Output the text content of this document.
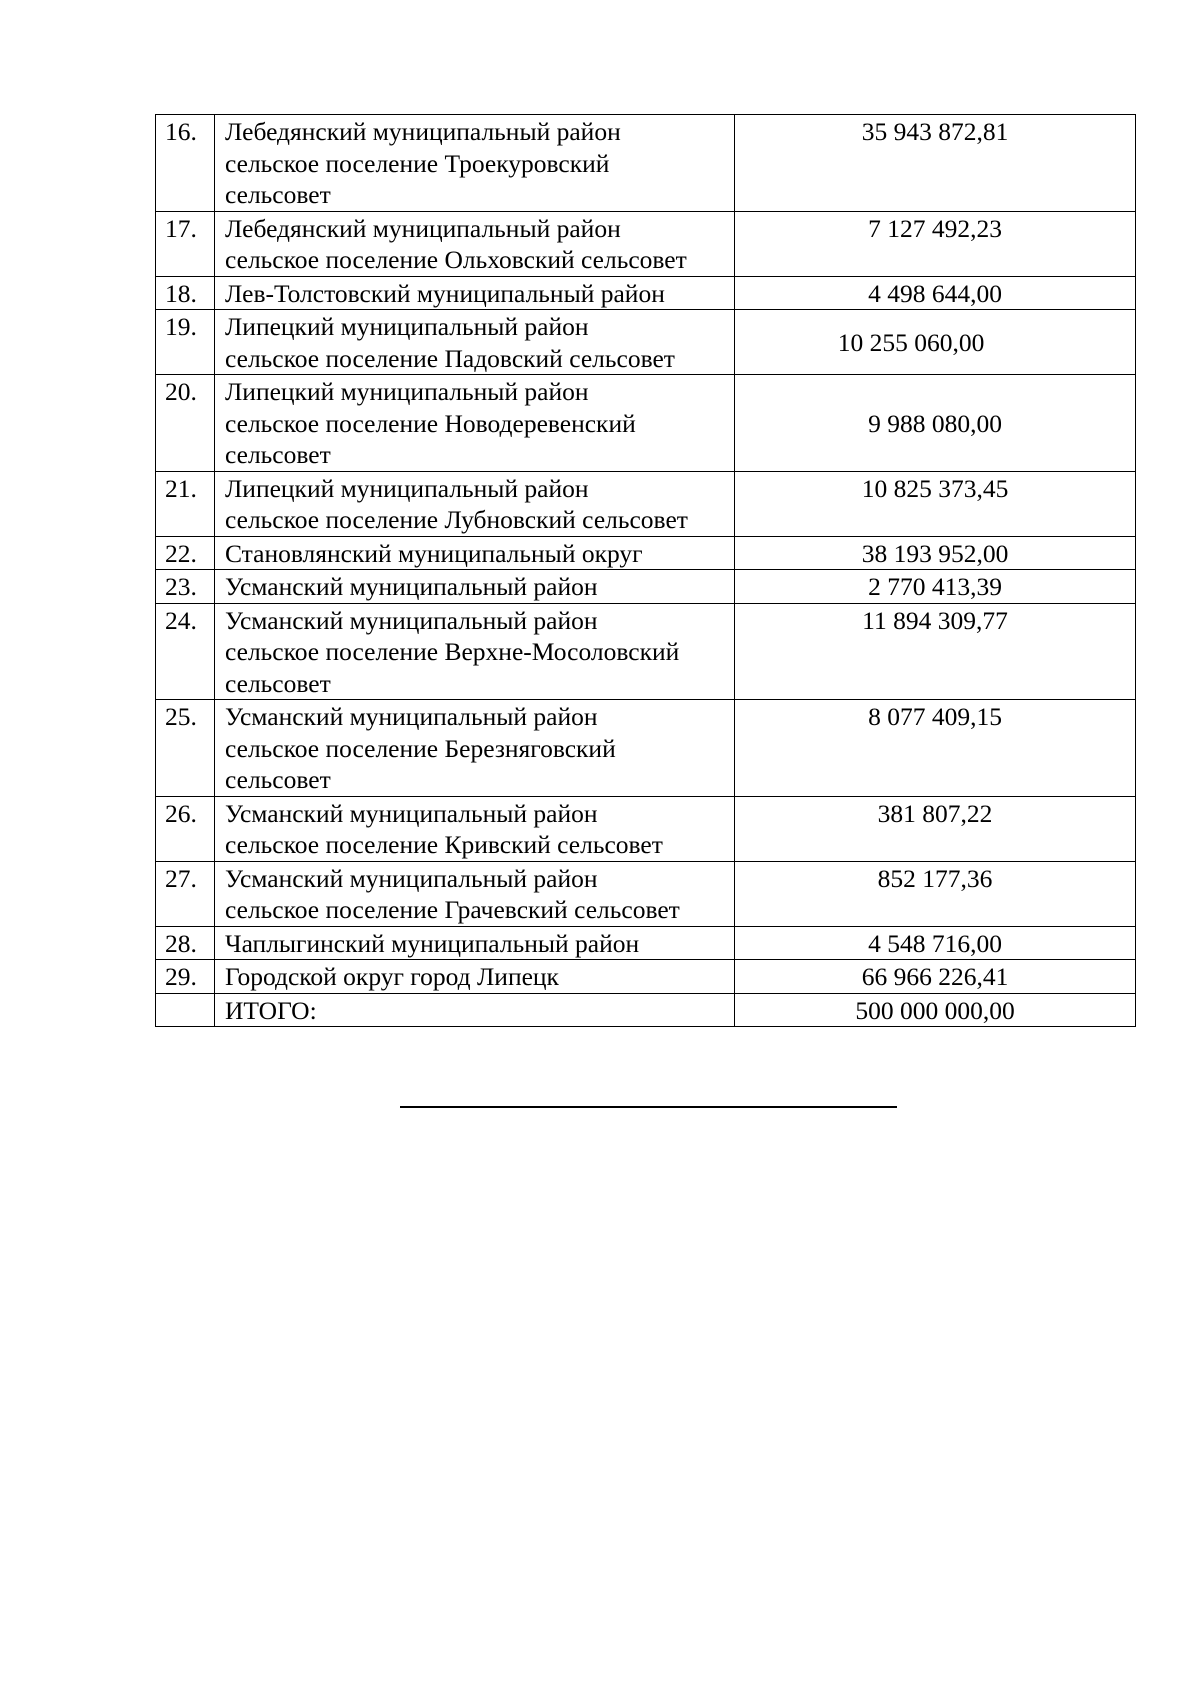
16.	Лебедянский муниципальный район
сельское поселение Троекуровский
сельсовет	35 943 872,81
17.	Лебедянский муниципальный район
сельское поселение Ольховский сельсовет	7 127 492,23
18.	Лев-Толстовский муниципальный район	4 498 644,00
19.	Липецкий муниципальный район
сельское поселение Падовский сельсовет	10 255 060,00
20.	Липецкий муниципальный район
сельское поселение Новодеревенский
сельсовет	9 988 080,00
21.	Липецкий муниципальный район
сельское поселение Лубновский сельсовет	10 825 373,45
22.	Становлянский муниципальный округ	38 193 952,00
23.	Усманский муниципальный район	2 770 413,39
24.	Усманский муниципальный район
сельское поселение Верхне-Мосоловский
сельсовет	11 894 309,77
25.	Усманский муниципальный район
сельское поселение Березняговский
сельсовет	8 077 409,15
26.	Усманский муниципальный район
сельское поселение Кривский сельсовет	381 807,22
27.	Усманский муниципальный район
сельское поселение Грачевский сельсовет	852 177,36
28.	Чаплыгинский муниципальный район	4 548 716,00
29.	Городской округ город Липецк	66 966 226,41
	ИТОГО:	500 000 000,00
